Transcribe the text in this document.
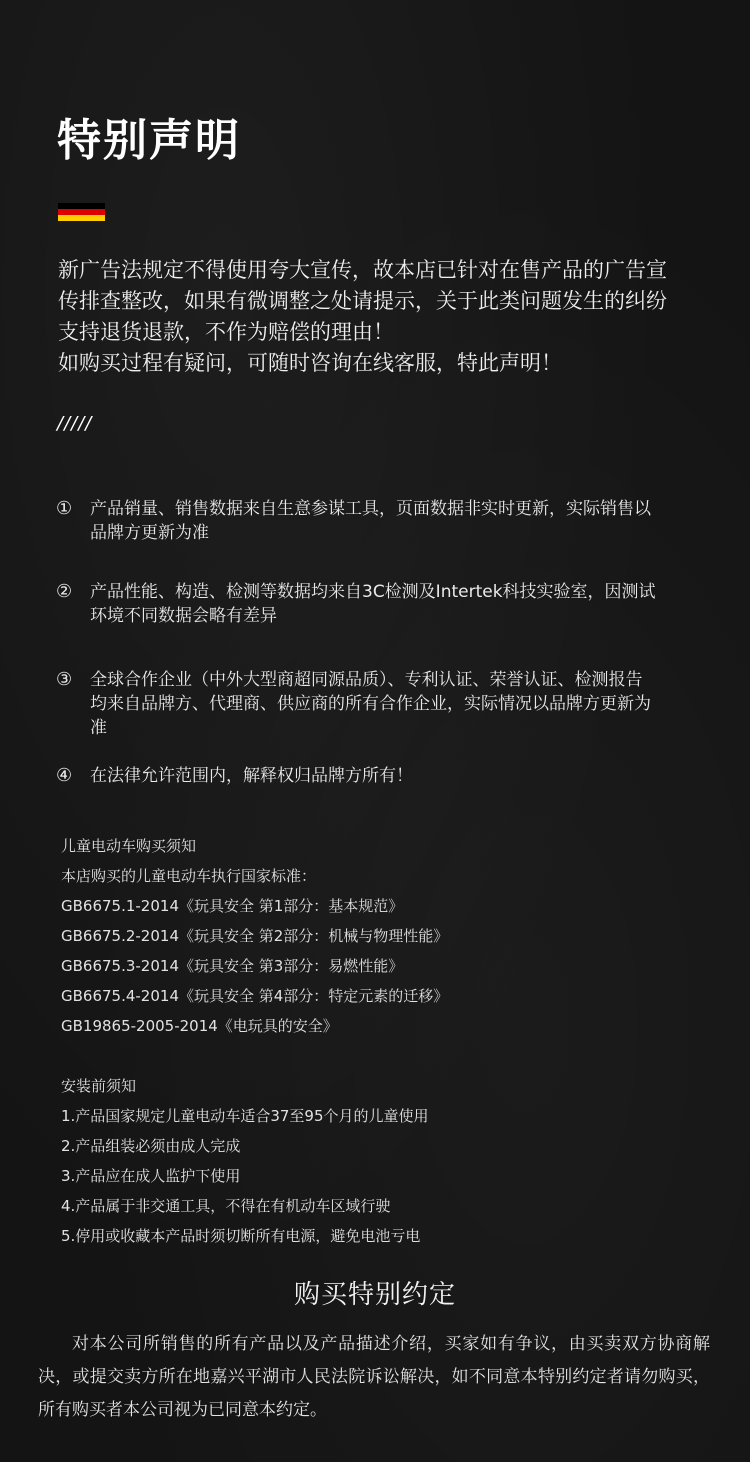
特别声明

新广告法规定不得使用夸大宣传，故本店已针对在售产品的广告宣

传排查整改，如果有微调整之处请提示，关于此类问题发生的纠纷

支持退货退款，不作为赔偿的理由！

如购买过程有疑问，可随时咨询在线客服，特此声明！

/////
①	产品销量、销售数据来自生意参谋工具，页面数据非实时更新，实际销售以品牌方更新为准
②	产品性能、构造、检测等数据均来自3C检测及Intertek科技实验室，因测试环境不同数据会略有差异
③	全球合作企业（中外大型商超同源品质）、专利认证、荣誉认证、检测报告均来自品牌方、代理商、供应商的所有合作企业，实际情况以品牌方更新为准
④	在法律允许范围内，解释权归品牌方所有！
儿童电动车购买须知
本店购买的儿童电动车执行国家标准：
GB6675.1-2014《玩具安全 第1部分：基本规范》
GB6675.2-2014《玩具安全 第2部分：机械与物理性能》
GB6675.3-2014《玩具安全 第3部分：易燃性能》
GB6675.4-2014《玩具安全 第4部分：特定元素的迁移》
GB19865-2005-2014《电玩具的安全》
安装前须知
1.产品国家规定儿童电动车适合37至95个月的儿童使用
2.产品组装必须由成人完成
3.产品应在成人监护下使用
4.产品属于非交通工具，不得在有机动车区域行驶
5.停用或收藏本产品时须切断所有电源，避免电池亏电
购买特别约定
对本公司所销售的所有产品以及产品描述介绍，买家如有争议，由买卖双方协商解决，或提交卖方所在地嘉兴平湖市人民法院诉讼解决，如不同意本特别约定者请勿购买，所有购买者本公司视为已同意本约定。
